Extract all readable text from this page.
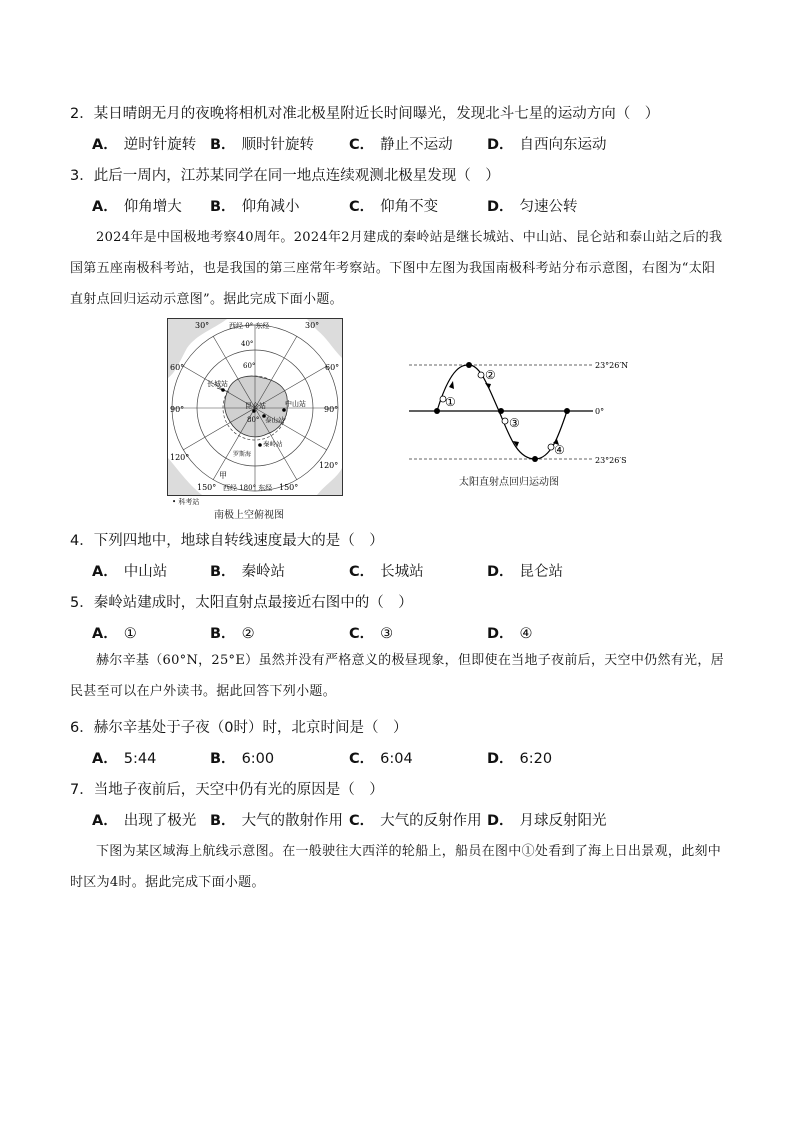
2．某日晴朗无月的夜晚将相机对准北极星附近长时间曝光，发现北斗七星的运动方向（　）
A． 逆时针旋转 B． 顺时针旋转 C． 静止不运动 D． 自西向东运动
3．此后一周内，江苏某同学在同一地点连续观测北极星发现（　）
A． 仰角增大 B． 仰角减小	C． 仰角不变	D． 匀速公转
2024年是中国极地考察40周年。2024年2月建成的秦岭站是继长城站、中山站、昆仑站和泰山站之后的我国第五座南极科考站，也是我国的第三座常年考察站。下图中左图为我国南极科考站分布示意图，右图为“太阳直射点回归运动示意图”。据此完成下面小题。
30°	30°
西经 0° 东经
60°	60°
90°	90°
120°
120°
150°	150°
西经 180° 东经
40°
60°
80°
长城站
昆仑站	中山站
泰山站
秦岭站
罗斯海
甲
• 科考站
南极上空俯视图
23°26′N
0°
23°26′S
①
②
③
④
太阳直射点回归运动图
4．下列四地中，地球自转线速度最大的是（　）
A． 中山站	B． 秦岭站	C． 长城站	D． 昆仑站
5．秦岭站建成时，太阳直射点最接近右图中的（　）
A． ①	B． ②	C． ③	D． ④
赫尔辛基（60°N，25°E）虽然并没有严格意义的极昼现象，但即使在当地子夜前后，天空中仍然有光，居民甚至可以在户外读书。据此回答下列小题。
6．赫尔辛基处于子夜（0时）时，北京时间是（　）
A． 5:44	B． 6:00	C． 6:04	D． 6:20
7．当地子夜前后，天空中仍有光的原因是（　）
A． 出现了极光 B． 大气的散射作用 C． 大气的反射作用 D． 月球反射阳光
下图为某区域海上航线示意图。在一般驶往大西洋的轮船上，船员在图中①处看到了海上日出景观，此刻中时区为4时。据此完成下面小题。
